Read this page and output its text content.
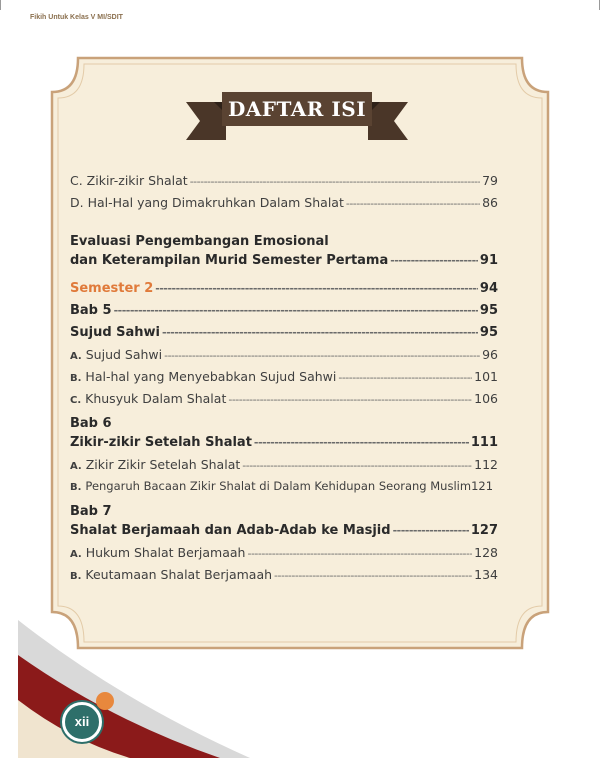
Fikih Untuk Kelas V MI/SDIT
DAFTAR ISI
C. Zikir-zikir Shalat -----	79
D. Hal-Hal yang Dimakruhkan Dalam Shalat -----	86
Evaluasi Pengembangan Emosional
dan Keterampilan Murid Semester Pertama -----	91
Semester 2 -----	94
Bab 5 -----	95
Sujud Sahwi -----	95
A. Sujud Sahwi -----	96
B. Hal-hal yang Menyebabkan Sujud Sahwi -----	101
C. Khusyuk Dalam Shalat -----	106
Bab 6
Zikir-zikir Setelah Shalat -----	111
A. Zikir Zikir Setelah Shalat -----	112
B. Pengaruh Bacaan Zikir Shalat di Dalam Kehidupan Seorang Muslim 121
Bab 7
Shalat Berjamaah dan Adab-Adab ke Masjid -----	127
A. Hukum Shalat Berjamaah -----	128
B. Keutamaan Shalat Berjamaah -----	134
xii
